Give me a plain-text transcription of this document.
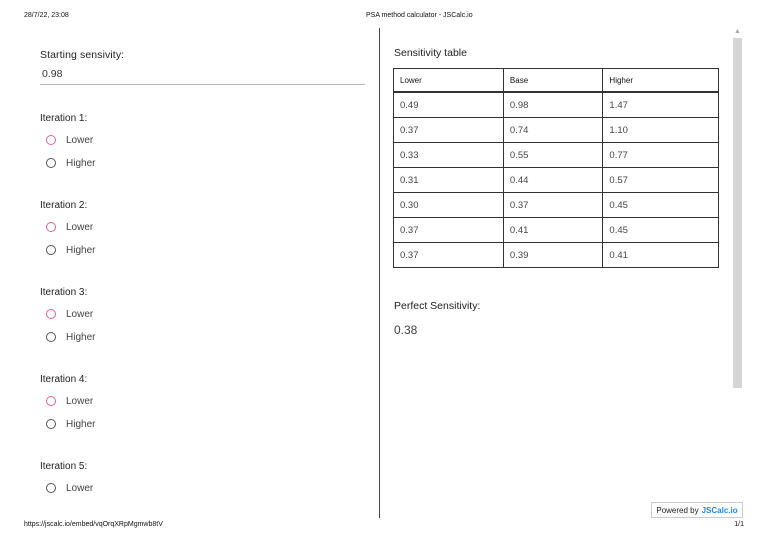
28/7/22, 23:08	PSA method calculator - JSCalc.io
Starting sensivity:
0.98
Iteration 1:
Lower
Higher
Iteration 2:
Lower
Higher
Iteration 3:
Lower
Higher
Iteration 4:
Lower
Higher
Iteration 5:
Lower
Sensitivity table
Lower	Base	Higher
0.49	0.98	1.47
0.37	0.74	1.10
0.33	0.55	0.77
0.31	0.44	0.57
0.30	0.37	0.45
0.37	0.41	0.45
0.37	0.39	0.41
Perfect Sensitivity:
0.38
▲
Powered by JSCalc.io
https://jscalc.io/embed/vqOrqXRpMgmwb8tV	1/1
